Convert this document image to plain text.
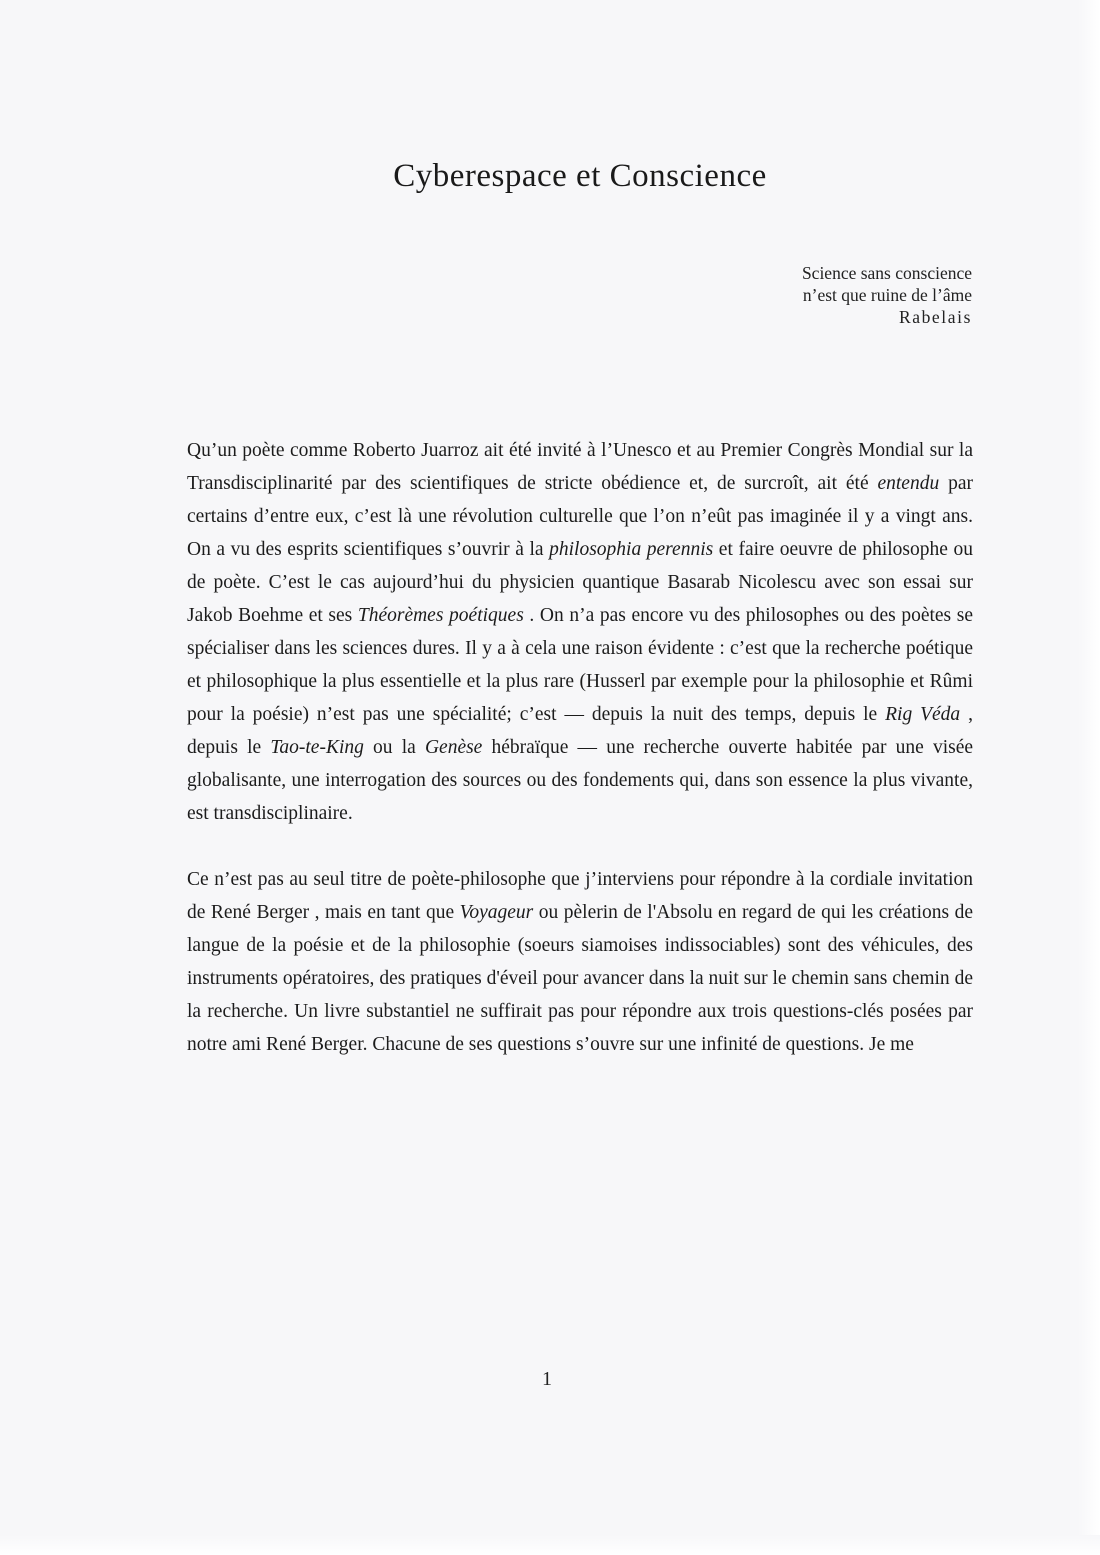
Cyberespace et Conscience
Science sans conscience
n’est que ruine de l’âme
Rabelais

Qu’un poète comme Roberto Juarroz ait été invité à l’Unesco et au Premier Congrès Mondial sur la Transdisciplinarité par des scientifiques de stricte obédience et, de surcroît, ait été entendu par certains d’entre eux, c’est là une révolution culturelle que l’on n’eût pas imaginée il y a vingt ans. On a vu des esprits scientifiques s’ouvrir à la philosophia perennis et faire oeuvre de philosophe ou de poète. C’est le cas aujourd’hui du physicien quantique Basarab Nicolescu avec son essai sur Jakob Boehme et ses Théorèmes poétiques . On n’a pas encore vu des philosophes ou des poètes se spécialiser dans les sciences dures. Il y a à cela une raison évidente : c’est que la recherche poétique et philosophique la plus essentielle et la plus rare (Husserl par exemple pour la philosophie et Rûmi pour la poésie) n’est pas une spécialité; c’est — depuis la nuit des temps, depuis le Rig Véda , depuis le Tao-te-King ou la Genèse hébraïque — une recherche ouverte habitée par une visée globalisante, une interrogation des sources ou des fondements qui, dans son essence la plus vivante, est transdisciplinaire.

Ce n’est pas au seul titre de poète-philosophe que j’interviens pour répondre à la cordiale invitation de René Berger , mais en tant que Voyageur ou pèlerin de l'Absolu en regard de qui les créations de langue de la poésie et de la philosophie (soeurs siamoises indissociables) sont des véhicules, des instruments opératoires, des pratiques d'éveil pour avancer dans la nuit sur le chemin sans chemin de la recherche. Un livre substantiel ne suffirait pas pour répondre aux trois questions-clés posées par notre ami René Berger. Chacune de ses questions s’ouvre sur une infinité de questions. Je me

1
